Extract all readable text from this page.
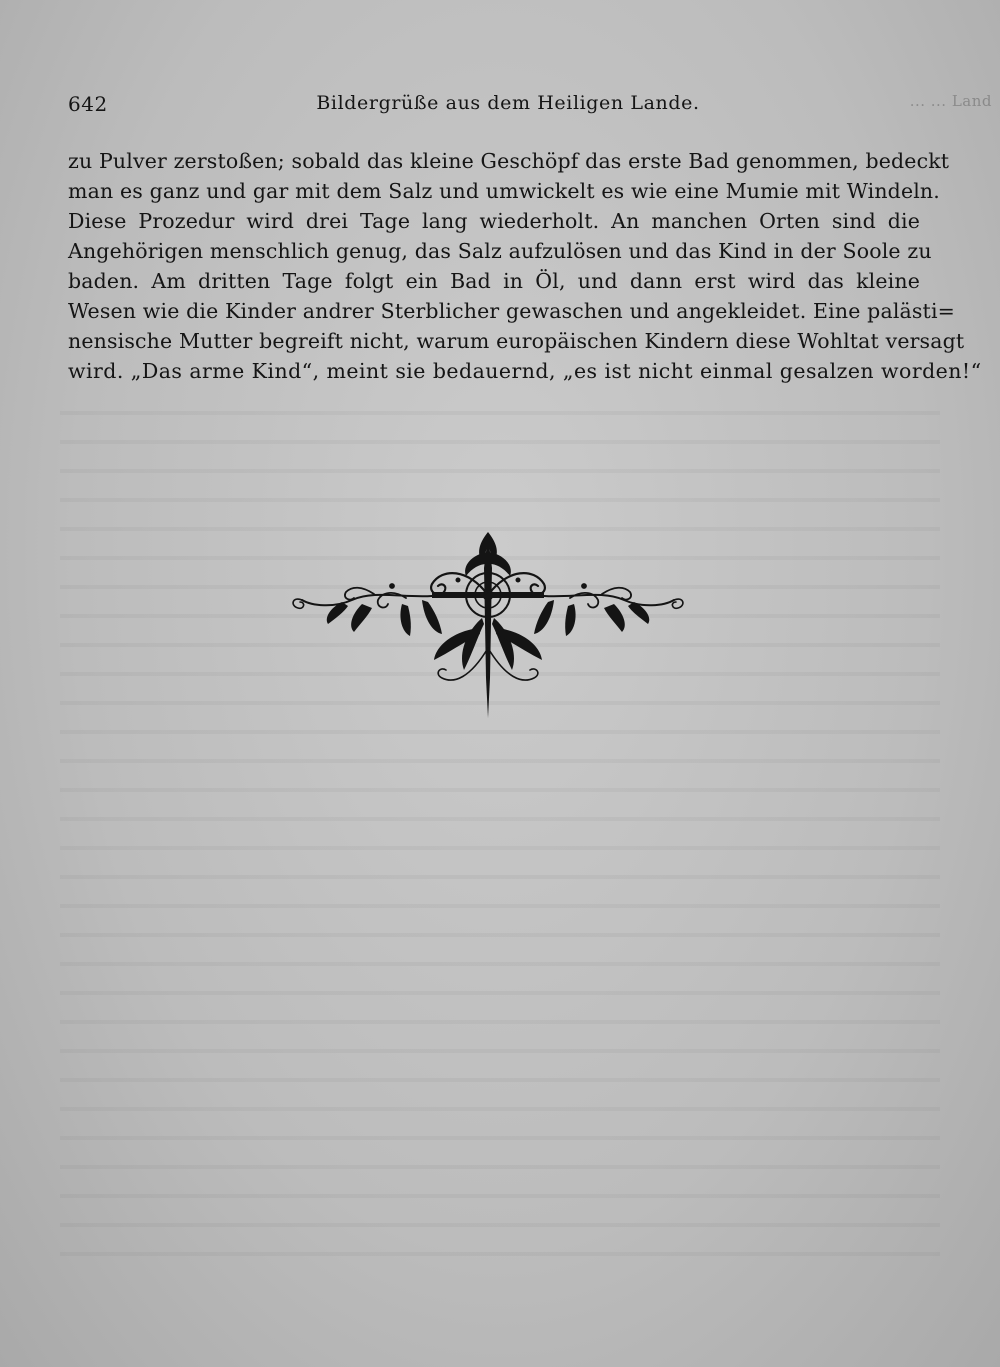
642	Bildergrüße aus dem Heiligen Lande.	... ... Land
zu Pulver zerstoßen; sobald das kleine Geschöpf das erste Bad genommen, bedeckt
man es ganz und gar mit dem Salz und umwickelt es wie eine Mumie mit Windeln.
Diese Prozedur wird drei Tage lang wiederholt. An manchen Orten sind die
Angehörigen menschlich genug, das Salz aufzulösen und das Kind in der Soole zu
baden. Am dritten Tage folgt ein Bad in Öl, und dann erst wird das kleine
Wesen wie die Kinder andrer Sterblicher gewaschen und angekleidet. Eine palästi=
nensische Mutter begreift nicht, warum europäischen Kindern diese Wohltat versagt
wird. „Das arme Kind“, meint sie bedauernd, „es ist nicht einmal gesalzen worden!“
